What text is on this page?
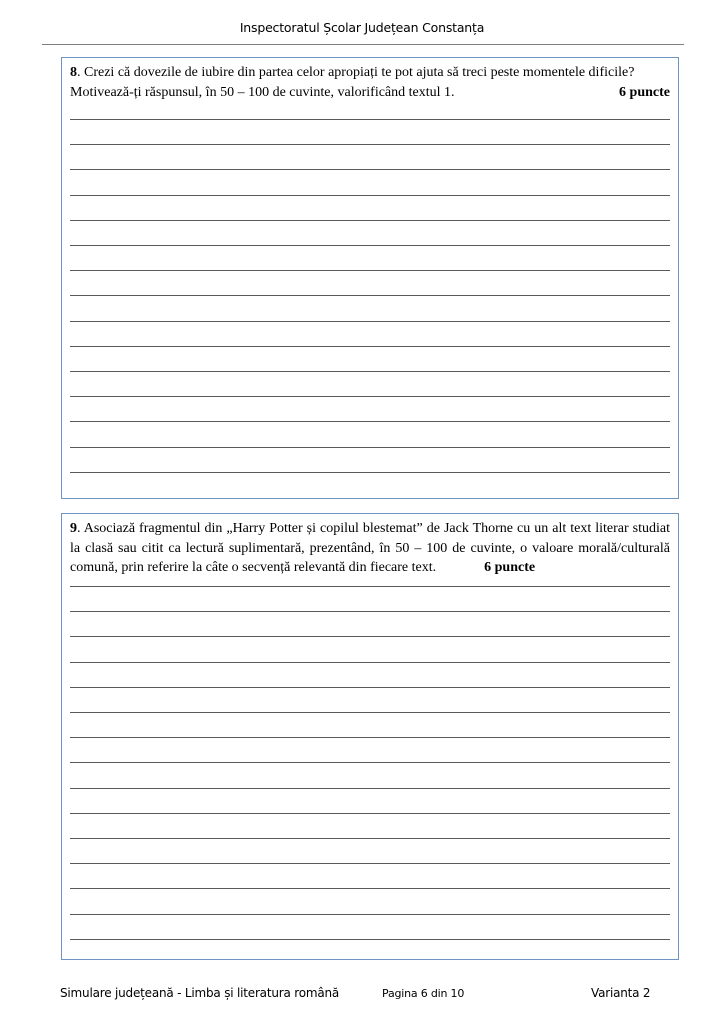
Inspectoratul Școlar Județean Constanța
8. Crezi că dovezile de iubire din partea celor apropiați te pot ajuta să treci peste momentele dificile?

6 puncte
Motivează-ți răspunsul, în 50 – 100 de cuvinte, valorificând textul 1.
9. Asociază fragmentul din „Harry Potter și copilul blestemat” de Jack Thorne cu un alt text literar studiat la clasă sau citit ca lectură suplimentară, prezentând, în 50 – 100 de cuvinte, o valoare morală/culturală comună, prin referire la câte o secvență relevantă din fiecare text.	6 puncte
Simulare județeană - Limba și literatura română	Pagina 6 din 10	Varianta 2
